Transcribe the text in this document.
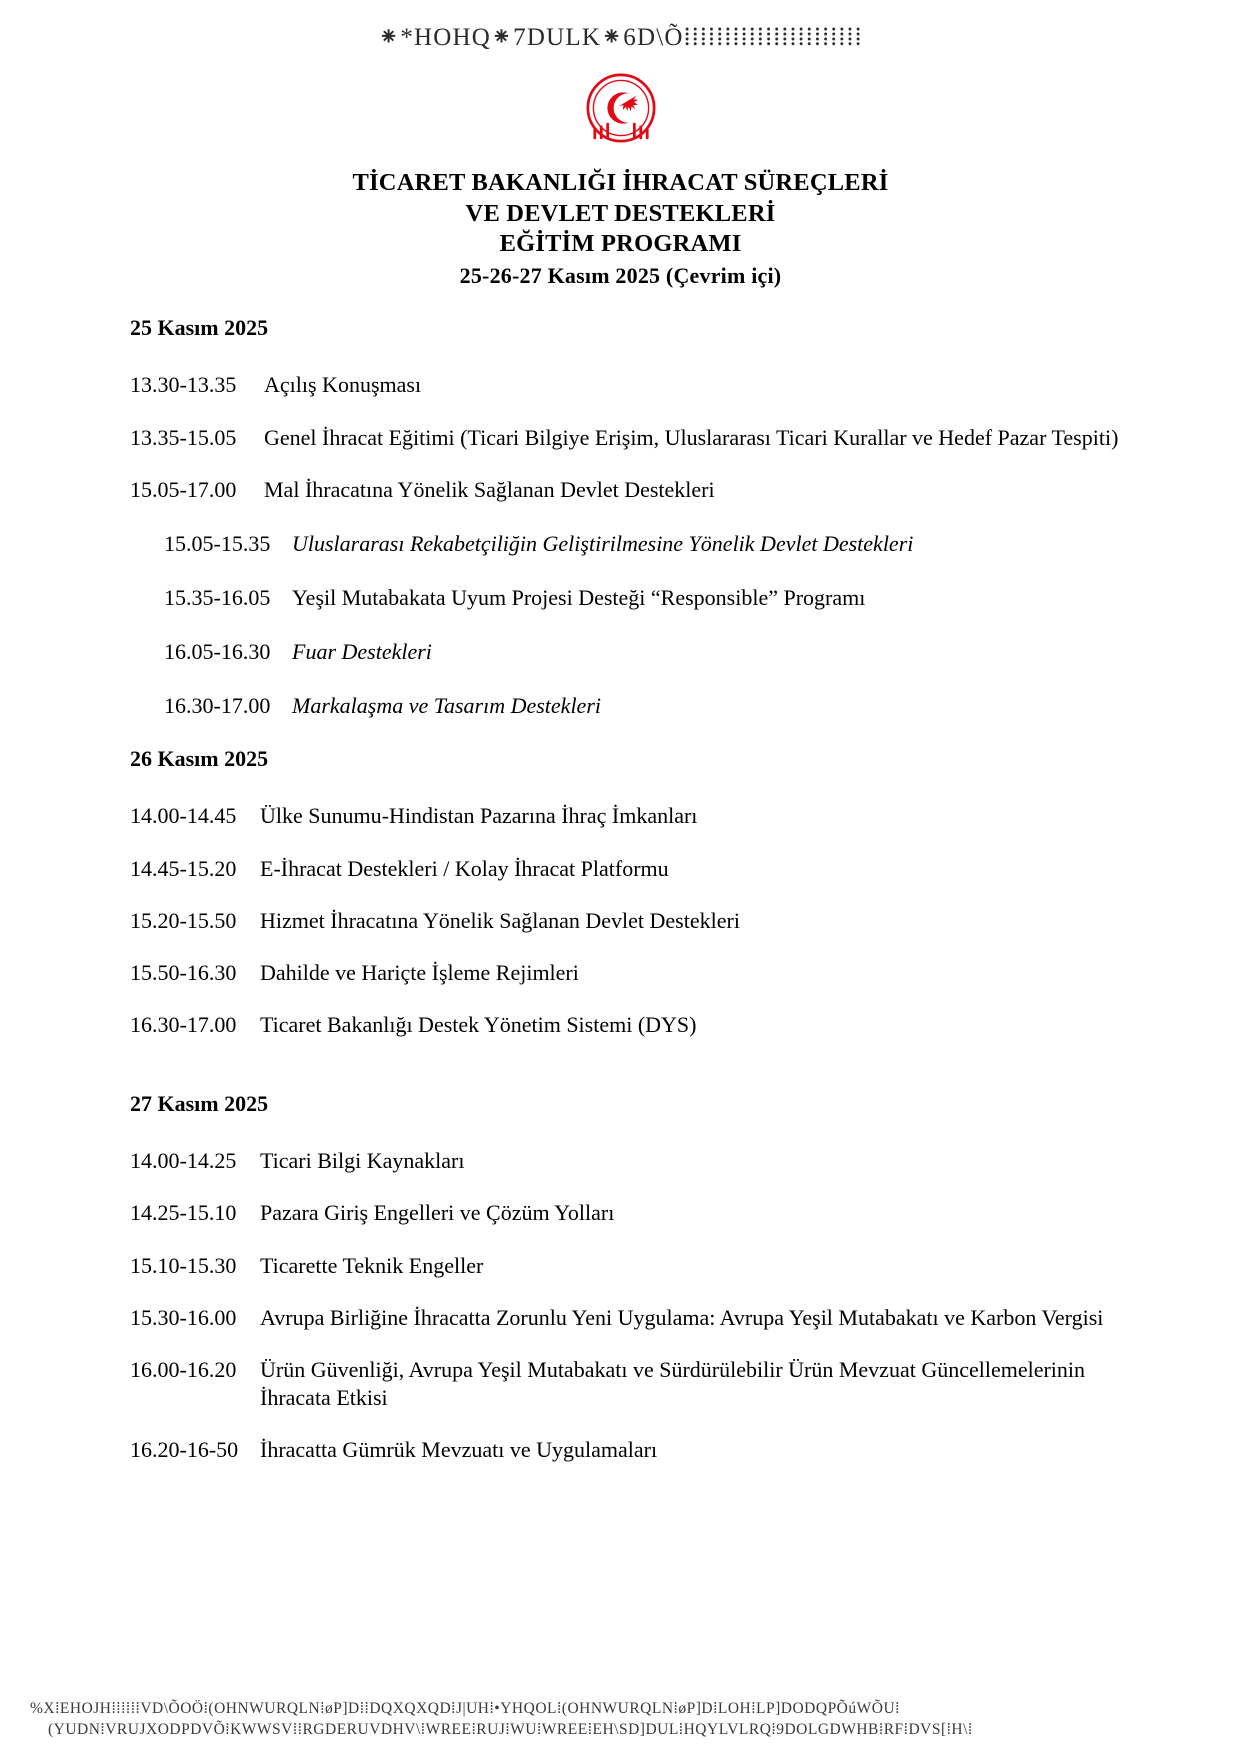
⁕*HOHQ⁕7DULK⁕6D\Õ⁞⁞⁞⁞⁞⁞⁞⁞⁞⁞⁞⁞⁞⁞⁞⁞⁞⁞⁞⁞⁞⁞
TİCARET BAKANLIĞI İHRACAT SÜREÇLERİ
VE DEVLET DESTEKLERİ
EĞİTİM PROGRAMI
25-26-27 Kasım 2025 (Çevrim içi)
25 Kasım 2025
13.30-13.35	Açılış Konuşması
13.35-15.05	Genel İhracat Eğitimi (Ticari Bilgiye Erişim, Uluslararası Ticari Kurallar ve Hedef Pazar Tespiti)
15.05-17.00	Mal İhracatına Yönelik Sağlanan Devlet Destekleri
15.05-15.35 Uluslararası Rekabetçiliğin Geliştirilmesine Yönelik Devlet Destekleri
15.35-16.05 Yeşil Mutabakata Uyum Projesi Desteği “Responsible” Programı
16.05-16.30 Fuar Destekleri
16.30-17.00 Markalaşma ve Tasarım Destekleri
26 Kasım 2025
14.00-14.45	Ülke Sunumu-Hindistan Pazarına İhraç İmkanları
14.45-15.20	E-İhracat Destekleri / Kolay İhracat Platformu
15.20-15.50	Hizmet İhracatına Yönelik Sağlanan Devlet Destekleri
15.50-16.30	Dahilde ve Hariçte İşleme Rejimleri
16.30-17.00	Ticaret Bakanlığı Destek Yönetim Sistemi (DYS)
27 Kasım 2025
14.00-14.25	Ticari Bilgi Kaynakları
14.25-15.10	Pazara Giriş Engelleri ve Çözüm Yolları
15.10-15.30	Ticarette Teknik Engeller
15.30-16.00	Avrupa Birliğine İhracatta Zorunlu Yeni Uygulama: Avrupa Yeşil Mutabakatı ve Karbon Vergisi
16.00-16.20	Ürün Güvenliği, Avrupa Yeşil Mutabakatı ve Sürdürülebilir Ürün Mevzuat Güncellemelerinin İhracata Etkisi
16.20-16-50 İhracatta Gümrük Mevzuatı ve Uygulamaları
%X⁞EHOJH⁞⁞⁞⁞⁞⁞VD\ÕOÖ⁞(OHNWURQLN⁞øP]D⁞⁞DQXQXQD⁞J|UH⁞•YHQOL⁞(OHNWURQLN⁞øP]D⁞LOH⁞LP]DODQPÕúWÕU⁞
(YUDN⁞VRUJXODPDVÕ⁞KWWSV⁞⁞RGDERUVDHV\⁞WREE⁞RUJ⁞WU⁞WREE⁞EH\SD]DUL⁞HQYLVLRQ⁞9DOLGDWHB⁞RF⁞DVS[⁞H\⁞
